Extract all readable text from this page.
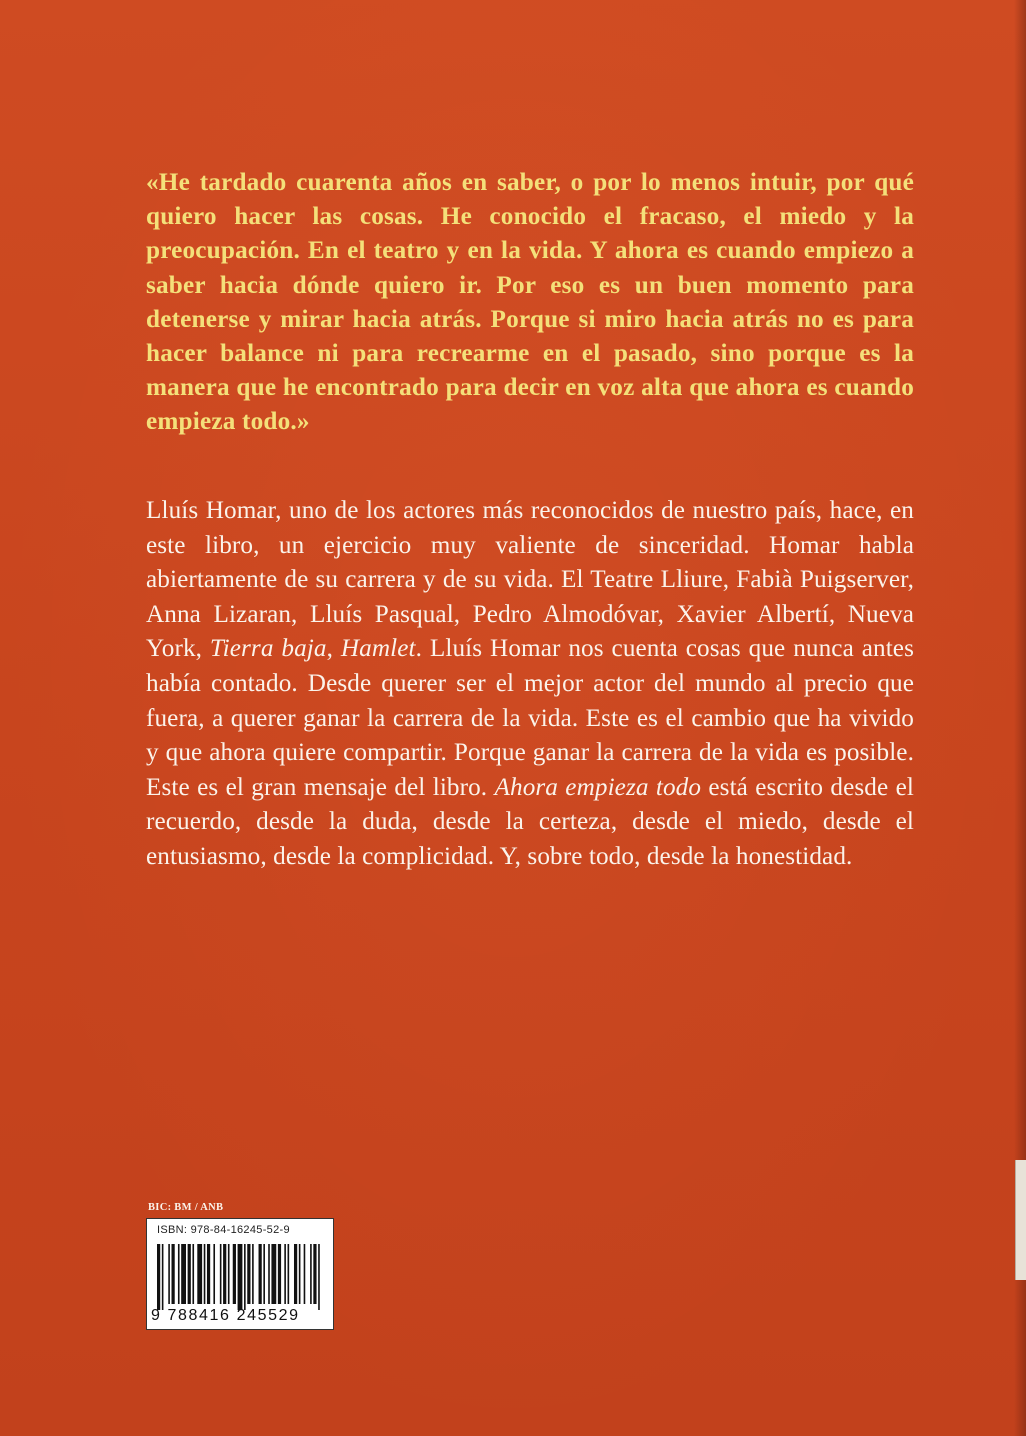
«He tardado cuarenta años en saber, o por lo menos intuir, por qué quiero hacer las cosas. He conocido el fracaso, el miedo y la preocupación. En el teatro y en la vida. Y ahora es cuando empiezo a saber hacia dónde quiero ir. Por eso es un buen momento para detenerse y mirar hacia atrás. Porque si miro hacia atrás no es para hacer balance ni para recrearme en el pasado, sino porque es la manera que he encontrado para decir en voz alta que ahora es cuando empieza todo.»

Lluís Homar, uno de los actores más reconocidos de nuestro país, hace, en este libro, un ejercicio muy valiente de sinceridad. Homar habla abiertamente de su carrera y de su vida. El Teatre Lliure, Fabià Puigserver, Anna Lizaran, Lluís Pasqual, Pedro Almodóvar, Xavier Albertí, Nueva York, Tierra baja, Hamlet. Lluís Homar nos cuenta cosas que nunca antes había contado. Desde querer ser el mejor actor del mundo al precio que fuera, a querer ganar la carrera de la vida. Este es el cambio que ha vivido y que ahora quiere compartir. Porque ganar la carrera de la vida es posible. Este es el gran mensaje del libro. Ahora empieza todo está escrito desde el recuerdo, desde la duda, desde la certeza, desde el miedo, desde el entusiasmo, desde la complicidad. Y, sobre todo, desde la honestidad.

BIC: BM / ANB
ISBN: 978-84-16245-52-9
9 788416 245529
